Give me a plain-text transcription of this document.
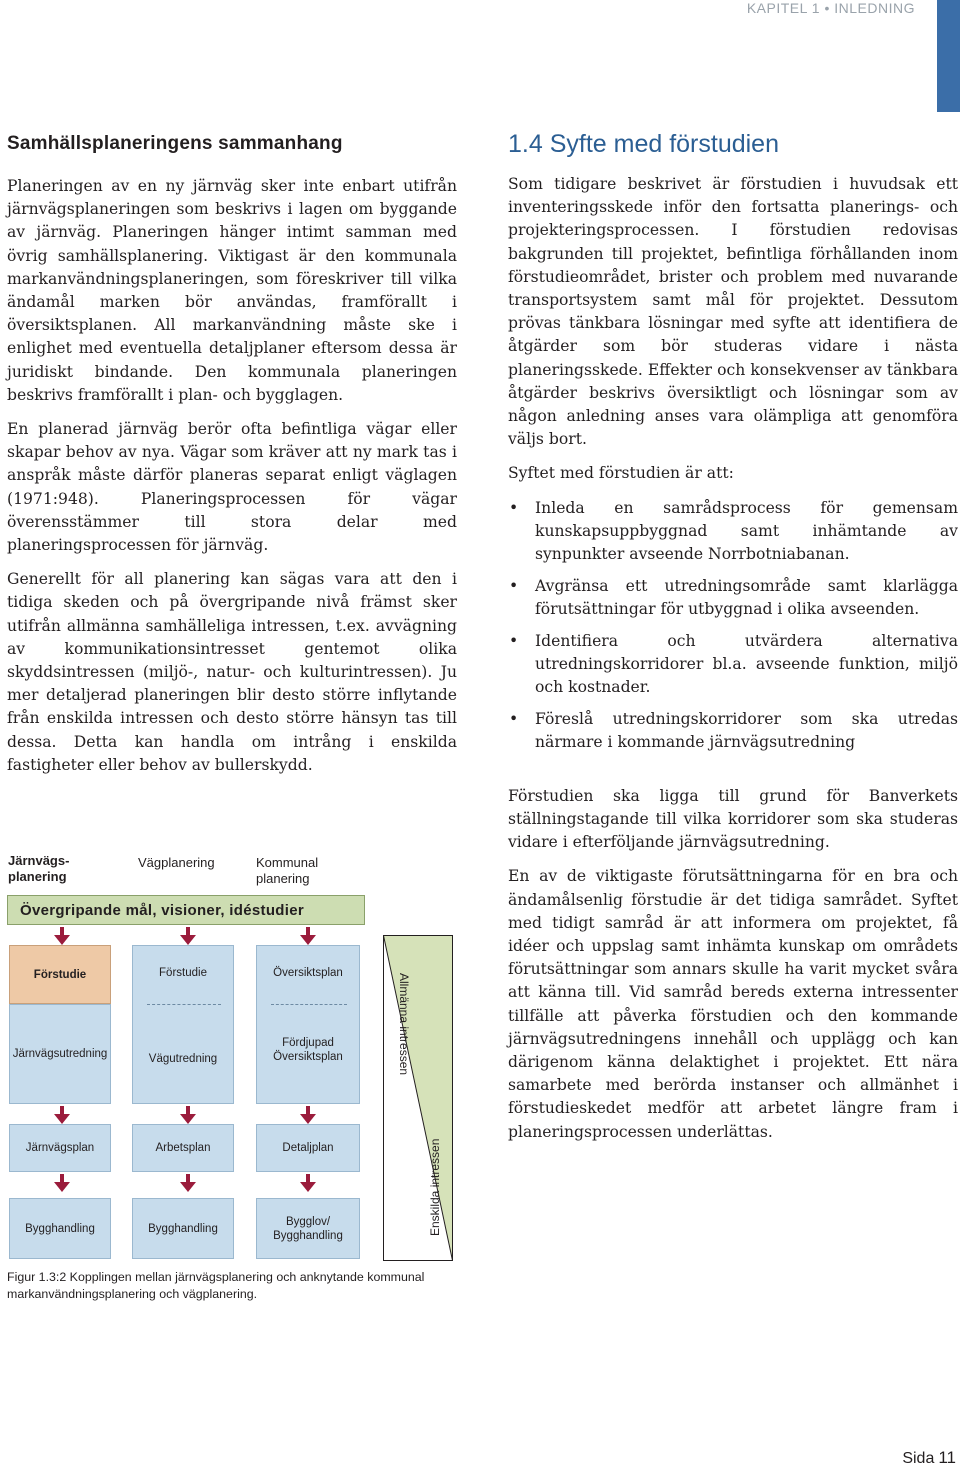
KAPITEL 1 • INLEDNING
Samhällsplaneringens sammanhang

Planeringen av en ny järnväg sker inte enbart utifrån järnvägsplaneringen som beskrivs i lagen om byggande av järnväg. Planeringen hänger intimt samman med övrig samhällsplanering. Viktigast är den kommunala markanvändningsplaneringen, som föreskriver till vilka ändamål marken bör användas, framförallt i översiktsplanen. All markanvändning måste ske i enlighet med eventuella detaljplaner eftersom dessa är juridiskt bindande. Den kommunala planeringen beskrivs framförallt i plan- och bygglagen.

En planerad järnväg berör ofta befintliga vägar eller skapar behov av nya. Vägar som kräver att ny mark tas i anspråk måste därför planeras separat enligt väglagen (1971:948). Planeringsprocessen för vägar överensstämmer till stora delar med planeringsprocessen för järnväg.

Generellt för all planering kan sägas vara att den i tidiga skeden och på övergripande nivå främst sker utifrån allmänna samhälleliga intressen, t.ex. avvägning av kommunikationsintresset gentemot olika skyddsintressen (miljö-, natur- och kulturintressen). Ju mer detaljerad planeringen blir desto större inflytande från enskilda intressen och desto större hänsyn tas till dessa. Detta kan handla om intrång i enskilda fastigheter eller behov av bullerskydd.

1.4 Syfte med förstudien

Som tidigare beskrivet är förstudien i huvudsak ett inventeringsskede inför den fortsatta planerings- och projekteringsprocessen. I förstudien redovisas bakgrunden till projektet, befintliga förhållanden inom förstudieområdet, brister och problem med nuvarande transportsystem samt mål för projektet. Dessutom prövas tänkbara lösningar med syfte att identifiera de åtgärder som bör studeras vidare i nästa planeringsskede. Effekter och konsekvenser av tänkbara åtgärder beskrivs översiktligt och lösningar som av någon anledning anses vara olämpliga att genomföra väljs bort.

Syftet med förstudien är att:

• Inleda en samrådsprocess för gemensam kunskapsuppbyggnad samt inhämtande av synpunkter avseende Norrbotniabanan.
• Avgränsa ett utredningsområde samt klarlägga förutsättningar för utbyggnad i olika avseenden.
• Identifiera och utvärdera alternativa utredningskorridorer bl.a. avseende funktion, miljö och kostnader.
• Föreslå utredningskorridorer som ska utredas närmare i kommande järnvägsutredning

Förstudien ska ligga till grund för Banverkets ställningstagande till vilka korridorer som ska studeras vidare i efterföljande järnvägsutredning.

En av de viktigaste förutsättningarna för en bra och ändamålsenlig förstudie är det tidiga samrådet. Syftet med tidigt samråd är att informera om projektet, få idéer och uppslag samt inhämta kunskap om områdets förutsättningar som annars skulle ha varit mycket svåra att känna till. Vid samråd bereds externa intressenter tillfälle att påverka förstudien och den kommande järnvägsutredningens innehåll och upplägg och kan därigenom känna delaktighet i projektet. Ett nära samarbete med berörda instanser och allmänhet i förstudieskedet medför att arbetet längre fram i planeringsprocessen underlättas.

Järnvägs-
planering
Vägplanering	Kommunal
planering
Övergripande mål, visioner, idéstudier
Förstudie
Järnvägsutredning
Förstudie
Vägutredning
Översiktsplan
Fördjupad
Översiktsplan
Järnvägsplan	Arbetsplan	Detaljplan
Bygghandling	Bygghandling
Bygglov/
Bygghandling
Allmänna intressen
Enskilda intressen
Figur 1.3:2 Kopplingen mellan järnvägsplanering och anknytande kommunal markanvändningsplanering och vägplanering.
Sida 11
